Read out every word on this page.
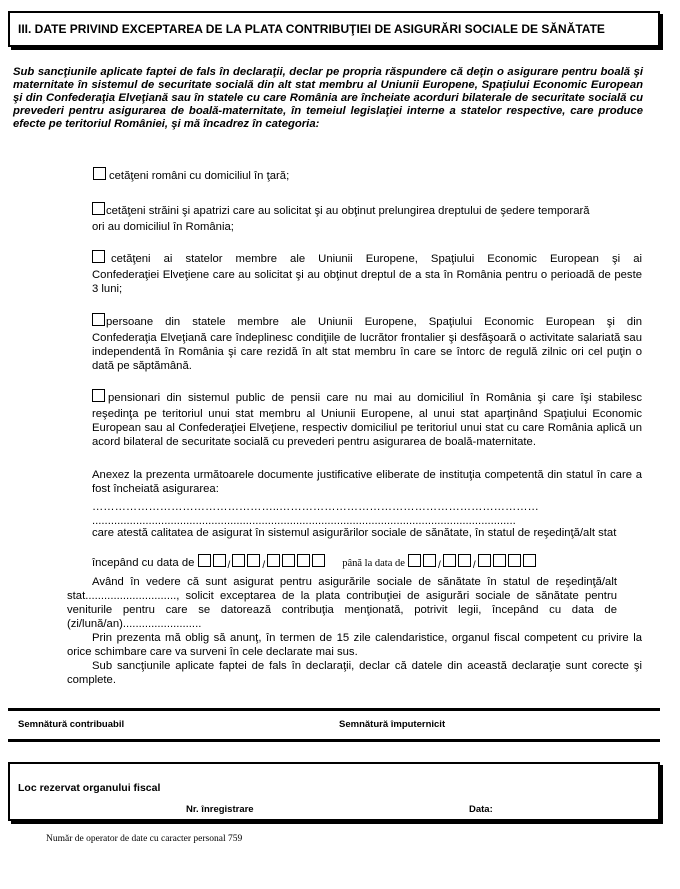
III. DATE PRIVIND EXCEPTAREA DE LA PLATA CONTRIBUŢIEI DE ASIGURĂRI SOCIALE DE SĂNĂTATE
Sub sancţiunile aplicate faptei de fals în declaraţii, declar pe propria răspundere că deţin o asigurare pentru boală şi maternitate în sistemul de securitate socială din alt stat membru al Uniunii Europene, Spaţiului Economic European şi din Confederaţia Elveţiană sau în statele cu care România are încheiate acorduri bilaterale de securitate socială cu prevederi pentru asigurarea de boală-maternitate, în temeiul legislaţiei interne a statelor respective, care produce efecte pe teritoriul României, şi mă încadrez în categoria:
cetăţeni români cu domiciliul în ţară;
cetăţeni străini şi apatrizi care au solicitat şi au obţinut prelungirea dreptului de şedere temporară
ori au domiciliul în România;
cetăţeni ai statelor membre ale Uniunii Europene, Spaţiului Economic European şi ai
Confederaţiei Elveţiene care au solicitat şi au obţinut dreptul de a sta în România pentru o perioadă de peste 3 luni;
persoane din statele membre ale Uniunii Europene, Spaţiului Economic European şi din
Confederaţia Elveţiană care îndeplinesc condiţiile de lucrător frontalier şi desfăşoară o activitate salariată sau independentă în România şi care rezidă în alt stat membru în care se întorc de regulă zilnic ori cel puţin o dată pe săptămână.
pensionari din sistemul public de pensii care nu mai au domiciliul în România şi care îşi stabilesc
reşedinţa pe teritoriul unui stat membru al Uniunii Europene, al unui stat aparţinând Spaţiului Economic European sau al Confederaţiei Elveţiene, respectiv domiciliul pe teritoriul unui stat cu care România aplică un acord bilateral de securitate socială cu prevederi pentru asigurarea de boală-maternitate.
Anexez la prezenta următoarele documente justificative eliberate de instituţia competentă din statul în care a fost încheiată asigurarea:
…………………………………………..……………………………………………………………
.......................................................................................................................................
care atestă calitatea de asigurat în sistemul asigurărilor sociale de sănătate, în statul de reşedinţă/alt stat
începând cu data de	/	/	până la data de	/	/
Având în vedere că sunt asigurat pentru asigurările sociale de sănătate în statul de reşedinţă/alt stat............................., solicit exceptarea de la plata contribuţiei de asigurări sociale de sănătate pentru veniturile pentru care se datorează contribuţia menţionată, potrivit legii, începând cu data de (zi/lună/an).........................
Prin prezenta mă oblig să anunţ, în termen de 15 zile calendaristice, organul fiscal competent cu privire la orice schimbare care va surveni în cele declarate mai sus.
Sub sancţiunile aplicate faptei de fals în declaraţii, declar că datele din această declaraţie sunt corecte şi complete.
Semnătură contribuabil	Semnătură împuternicit
Loc rezervat organului fiscal
Nr. înregistrare	Data:
Număr de operator de date cu caracter personal 759
